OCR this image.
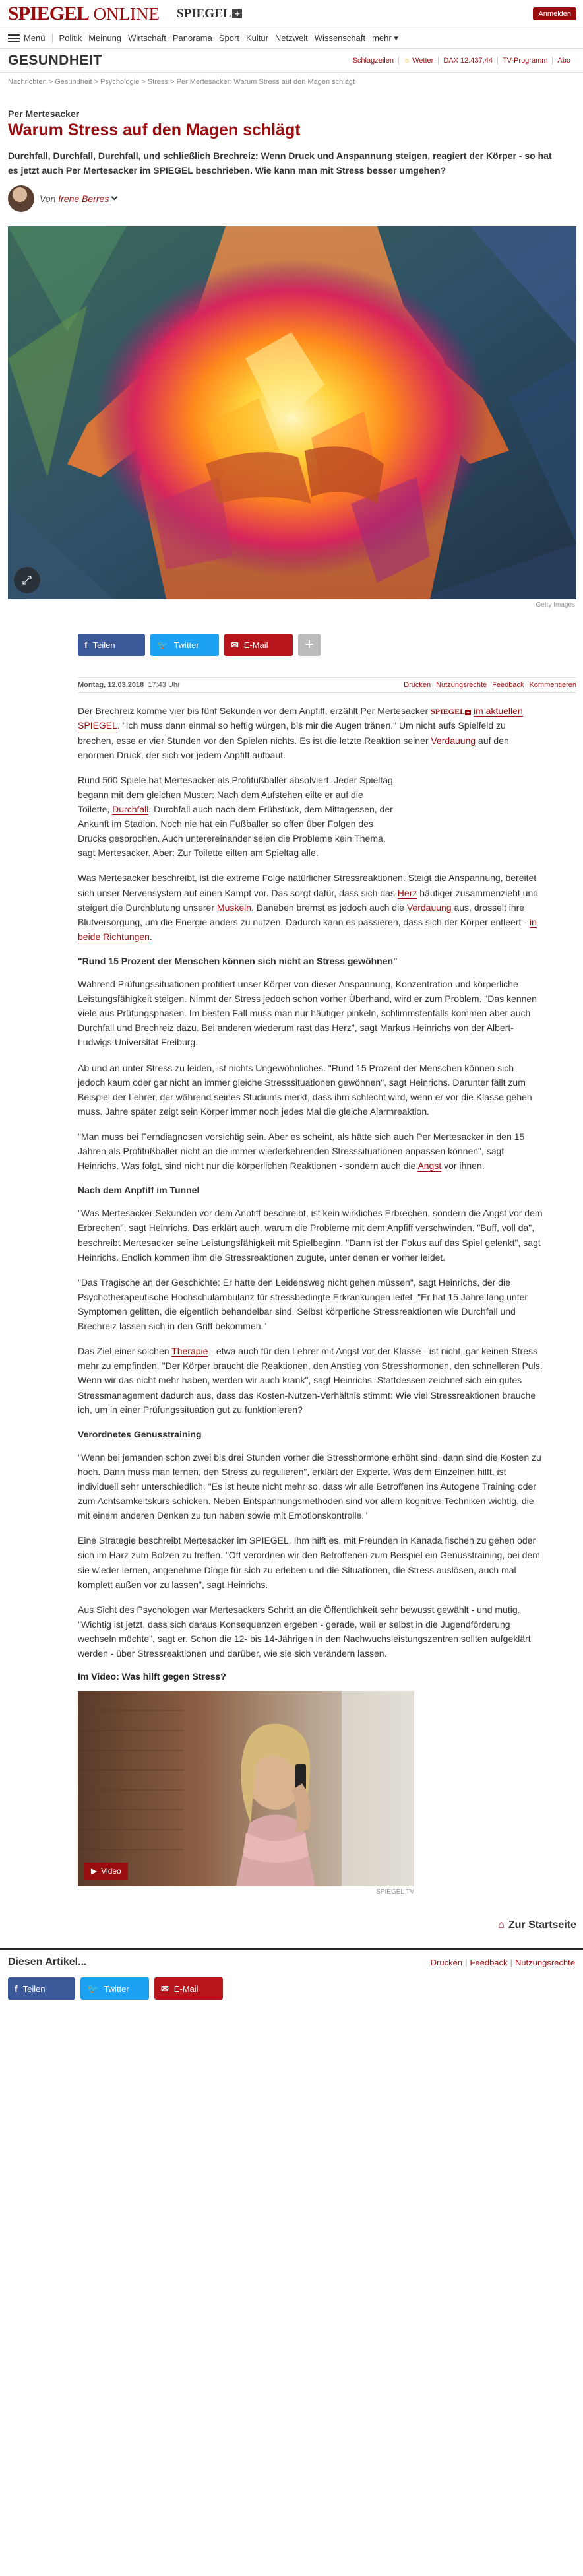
SPIEGEL ONLINE SPIEGEL +	Anmelden
Menü Politik Meinung Wirtschaft Panorama Sport Kultur Netzwelt Wissenschaft mehr ▾
GESUNDHEIT	Schlagzeilen	☼ Wetter	DAX 12.437,44	TV-Programm	Abo
Nachrichten > Gesundheit > Psychologie > Stress > Per Mertesacker: Warum Stress auf den Magen schlägt
Per Mertesacker
Warum Stress auf den Magen schlägt

Durchfall, Durchfall, Durchfall, und schließlich Brechreiz: Wenn Druck und Anspannung steigen, reagiert der Körper - so hat es jetzt auch Per Mertesacker im SPIEGEL beschrieben. Wie kann man mit Stress besser umgehen?

Von Irene Berres
⤢
Getty Images
f Teilen	🐦 Twitter	✉ E-Mail	+
Montag, 12.03.2018 17:43 Uhr	Drucken Nutzungsrechte Feedback Kommentieren

Der Brechreiz komme vier bis fünf Sekunden vor dem Anpfiff, erzählt Per Mertesacker SPIEGEL + im aktuellen SPIEGEL. "Ich muss dann einmal so heftig würgen, bis mir die Augen tränen." Um nicht aufs Spielfeld zu brechen, esse er vier Stunden vor den Spielen nichts. Es ist die letzte Reaktion seiner Verdauung auf den enormen Druck, der sich vor jedem Anpfiff aufbaut.

Rund 500 Spiele hat Mertesacker als Profifußballer absolviert. Jeder Spieltag begann mit dem gleichen Muster: Nach dem Aufstehen eilte er auf die Toilette, Durchfall. Durchfall auch nach dem Frühstück, dem Mittagessen, der Ankunft im Stadion. Noch nie hat ein Fußballer so offen über Folgen des Drucks gesprochen. Auch unterereinander seien die Probleme kein Thema, sagt Mertesacker. Aber: Zur Toilette eilten am Spieltag alle.

Was Mertesacker beschreibt, ist die extreme Folge natürlicher Stressreaktionen. Steigt die Anspannung, bereitet sich unser Nervensystem auf einen Kampf vor. Das sorgt dafür, dass sich das Herz häufiger zusammenzieht und steigert die Durchblutung unserer Muskeln. Daneben bremst es jedoch auch die Verdauung aus, drosselt ihre Blutversorgung, um die Energie anders zu nutzen. Dadurch kann es passieren, dass sich der Körper entleert - in beide Richtungen.

"Rund 15 Prozent der Menschen können sich nicht an Stress gewöhnen"

Während Prüfungssituationen profitiert unser Körper von dieser Anspannung, Konzentration und körperliche Leistungsfähigkeit steigen. Nimmt der Stress jedoch schon vorher Überhand, wird er zum Problem. "Das kennen viele aus Prüfungsphasen. Im besten Fall muss man nur häufiger pinkeln, schlimmstenfalls kommen aber auch Durchfall und Brechreiz dazu. Bei anderen wiederum rast das Herz", sagt Markus Heinrichs von der Albert-Ludwigs-Universität Freiburg.

Ab und an unter Stress zu leiden, ist nichts Ungewöhnliches. "Rund 15 Prozent der Menschen können sich jedoch kaum oder gar nicht an immer gleiche Stresssituationen gewöhnen", sagt Heinrichs. Darunter fällt zum Beispiel der Lehrer, der während seines Studiums merkt, dass ihm schlecht wird, wenn er vor die Klasse gehen muss. Jahre später zeigt sein Körper immer noch jedes Mal die gleiche Alarmreaktion.

"Man muss bei Ferndiagnosen vorsichtig sein. Aber es scheint, als hätte sich auch Per Mertesacker in den 15 Jahren als Profifußballer nicht an die immer wiederkehrenden Stresssituationen anpassen können", sagt Heinrichs. Was folgt, sind nicht nur die körperlichen Reaktionen - sondern auch die Angst vor ihnen.

Nach dem Anpfiff im Tunnel

"Was Mertesacker Sekunden vor dem Anpfiff beschreibt, ist kein wirkliches Erbrechen, sondern die Angst vor dem Erbrechen", sagt Heinrichs. Das erklärt auch, warum die Probleme mit dem Anpfiff verschwinden. "Buff, voll da", beschreibt Mertesacker seine Leistungsfähigkeit mit Spielbeginn. "Dann ist der Fokus auf das Spiel gelenkt", sagt Heinrichs. Endlich kommen ihm die Stressreaktionen zugute, unter denen er vorher leidet.

"Das Tragische an der Geschichte: Er hätte den Leidensweg nicht gehen müssen", sagt Heinrichs, der die Psychotherapeutische Hochschulambulanz für stressbedingte Erkrankungen leitet. "Er hat 15 Jahre lang unter Symptomen gelitten, die eigentlich behandelbar sind. Selbst körperliche Stressreaktionen wie Durchfall und Brechreiz lassen sich in den Griff bekommen."

Das Ziel einer solchen Therapie - etwa auch für den Lehrer mit Angst vor der Klasse - ist nicht, gar keinen Stress mehr zu empfinden. "Der Körper braucht die Reaktionen, den Anstieg von Stresshormonen, den schnelleren Puls. Wenn wir das nicht mehr haben, werden wir auch krank", sagt Heinrichs. Stattdessen zeichnet sich ein gutes Stressmanagement dadurch aus, dass das Kosten-Nutzen-Verhältnis stimmt: Wie viel Stressreaktionen brauche ich, um in einer Prüfungssituation gut zu funktionieren?

Verordnetes Genusstraining

"Wenn bei jemanden schon zwei bis drei Stunden vorher die Stresshormone erhöht sind, dann sind die Kosten zu hoch. Dann muss man lernen, den Stress zu regulieren", erklärt der Experte. Was dem Einzelnen hilft, ist individuell sehr unterschiedlich. "Es ist heute nicht mehr so, dass wir alle Betroffenen ins Autogene Training oder zum Achtsamkeitskurs schicken. Neben Entspannungsmethoden sind vor allem kognitive Techniken wichtig, die mit einem anderen Denken zu tun haben sowie mit Emotionskontrolle."

Eine Strategie beschreibt Mertesacker im SPIEGEL. Ihm hilft es, mit Freunden in Kanada fischen zu gehen oder sich im Harz zum Bolzen zu treffen. "Oft verordnen wir den Betroffenen zum Beispiel ein Genusstraining, bei dem sie wieder lernen, angenehme Dinge für sich zu erleben und die Situationen, die Stress auslösen, auch mal komplett außen vor zu lassen", sagt Heinrichs.

Aus Sicht des Psychologen war Mertesackers Schritt an die Öffentlichkeit sehr bewusst gewählt - und mutig. "Wichtig ist jetzt, dass sich daraus Konsequenzen ergeben - gerade, weil er selbst in die Jugendförderung wechseln möchte", sagt er. Schon die 12- bis 14-Jährigen in den Nachwuchsleistungszentren sollten aufgeklärt werden - über Stressreaktionen und darüber, wie sie sich verändern lassen.

Im Video: Was hilft gegen Stress?
▶ Video
SPIEGEL TV
⌂ Zur Startseite
Diesen Artikel...	Drucken | Feedback | Nutzungsrechte
f Teilen	🐦 Twitter	✉ E-Mail
